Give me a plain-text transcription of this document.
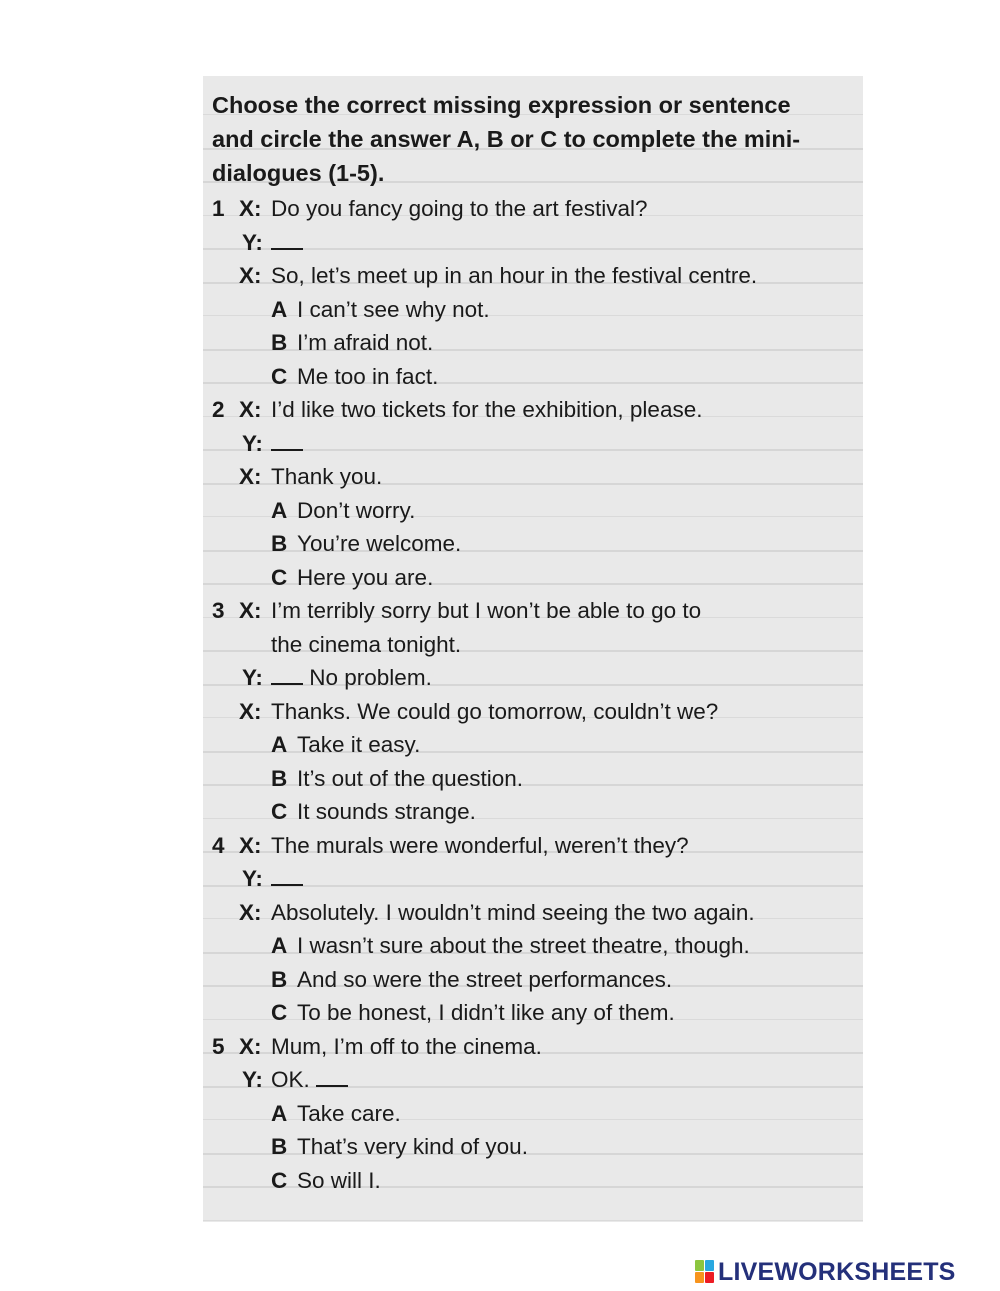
Choose the correct missing expression or sentence
and circle the answer A, B or C to complete the mini-
dialogues (1-5).
1 X: Do you fancy going to the art festival?
Y:
X: So, let’s meet up in an hour in the festival centre.
A I can’t see why not.
B I’m afraid not.
C Me too in fact.
2 X: I’d like two tickets for the exhibition, please.
Y:
X: Thank you.
A Don’t worry.
B You’re welcome.
C Here you are.
3 X: I’m terribly sorry but I won’t be able to go to
the cinema tonight.
Y: No problem.
X: Thanks. We could go tomorrow, couldn’t we?
A Take it easy.
B It’s out of the question.
C It sounds strange.
4 X: The murals were wonderful, weren’t they?
Y:
X: Absolutely. I wouldn’t mind seeing the two again.
A I wasn’t sure about the street theatre, though.
B And so were the street performances.
C To be honest, I didn’t like any of them.
5 X: Mum, I’m off to the cinema.
Y: OK.
A Take care.
B That’s very kind of you.
C So will I.
LIVEWORKSHEETS
